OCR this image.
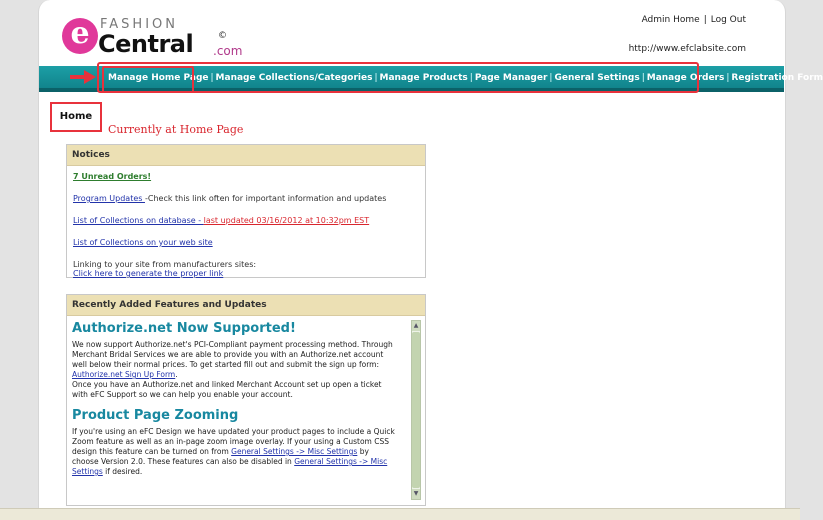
e FASHION
Central	©
.com
Admin Home | Log Out
http://www.efclabsite.com
Manage Home Page | Manage Collections/Categories | Manage Products | Page Manager | General Settings | Manage Orders | Registration Form
Home
Currently at Home Page
Notices
7 Unread Orders!
Program Updates -Check this link often for important information and updates
List of Collections on database - last updated 03/16/2012 at 10:32pm EST
List of Collections on your web site
Linking to your site from manufacturers sites:
Click here to generate the proper link
Recently Added Features and Updates
Authorize.net Now Supported!
We now support Authorize.net's PCI-Compliant payment processing method. Through Merchant Bridal Services we are able to provide you with an Authorize.net account well below their normal prices. To get started fill out and submit the sign up form: Authorize.net Sign Up Form.
Once you have an Authorize.net and linked Merchant Account set up open a ticket with eFC Support so we can help you enable your account.
Product Page Zooming
If you're using an eFC Design we have updated your product pages to include a Quick Zoom feature as well as an in-page zoom image overlay. If your using a Custom CSS design this feature can be turned on from General Settings -> Misc Settings by choose Version 2.0. These features can also be disabled in General Settings -> Misc Settings if desired.
▲
▼
